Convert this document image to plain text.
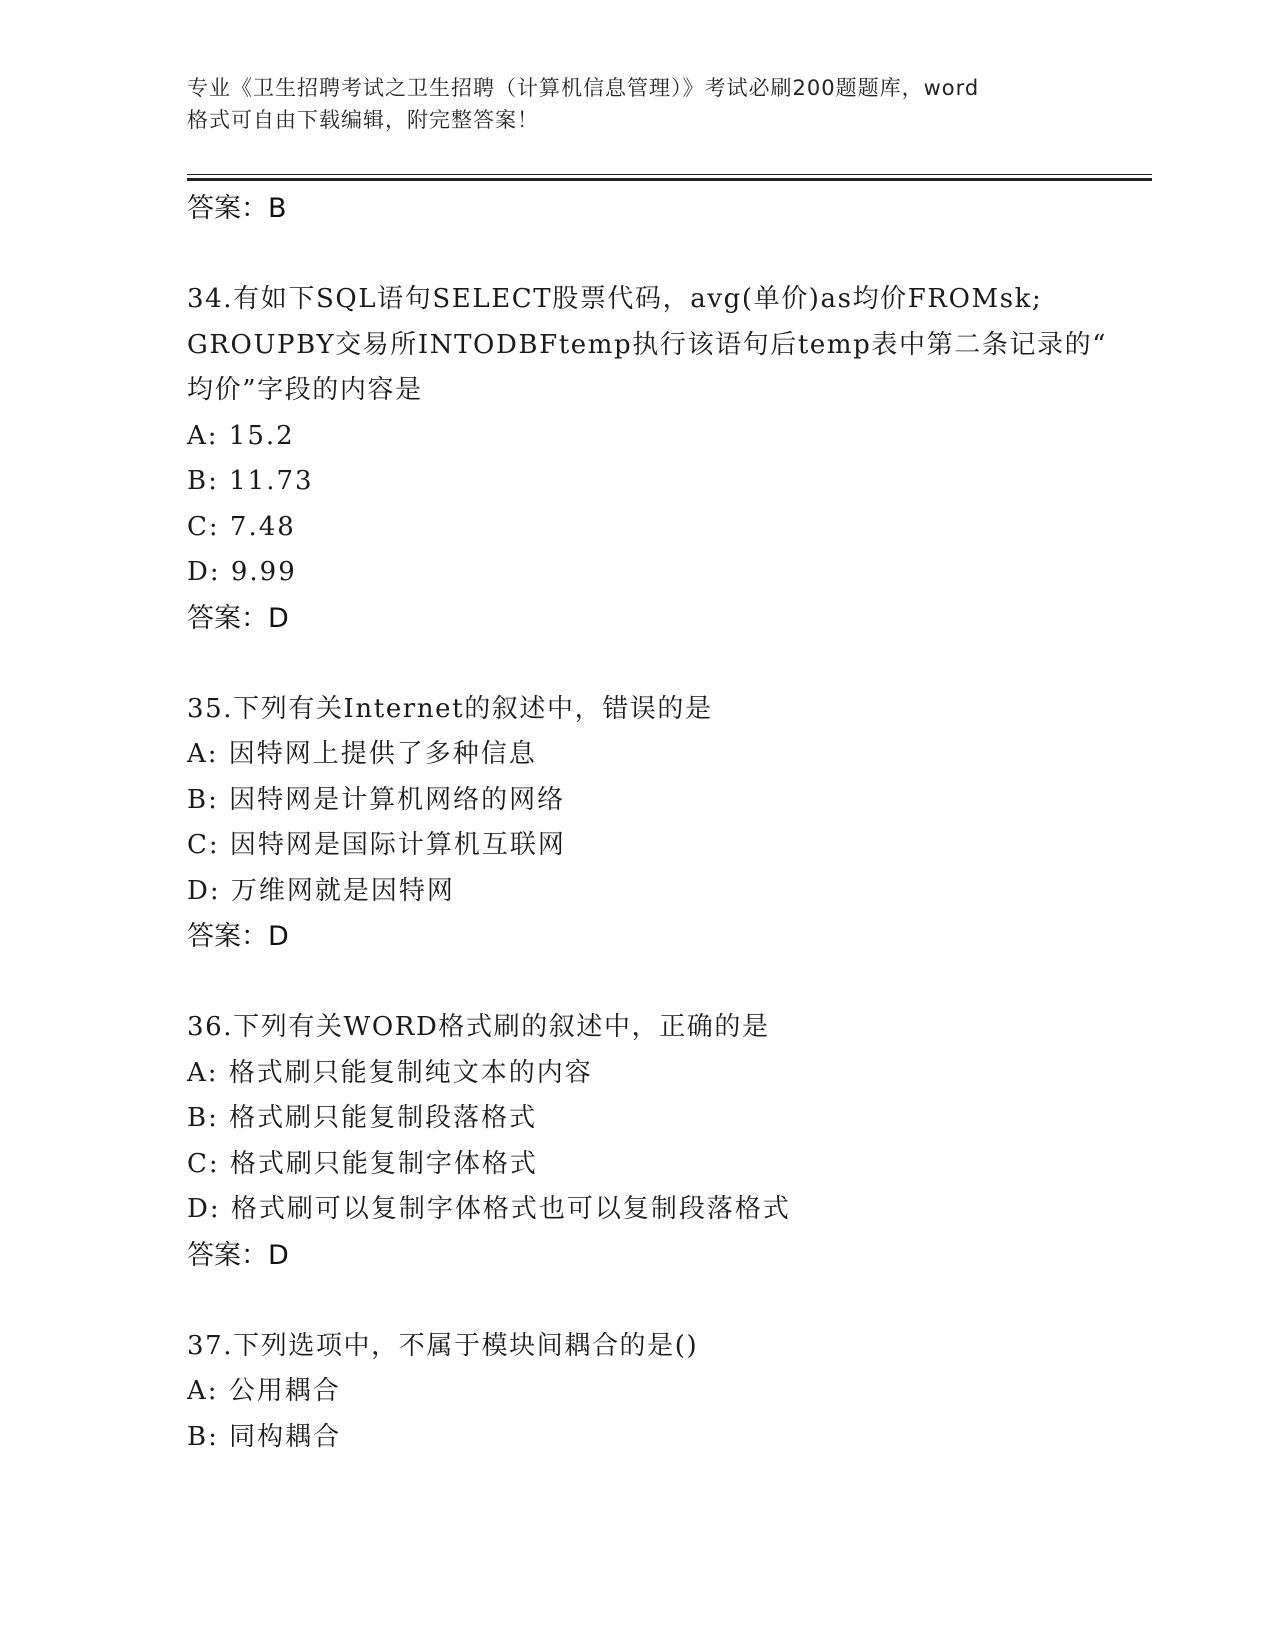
专业《卫生招聘考试之卫生招聘（计算机信息管理）》考试必刷200题题库，word
格式可自由下载编辑，附完整答案！
答案：B
34.有如下SQL语句SELECT股票代码，avg(单价)as均价FROMsk;
GROUPBY交易所INTODBFtemp执行该语句后temp表中第二条记录的“
均价”字段的内容是
A: 15.2
B: 11.73
C: 7.48
D: 9.99
答案：D
35.下列有关Internet的叙述中，错误的是
A: 因特网上提供了多种信息
B: 因特网是计算机网络的网络
C: 因特网是国际计算机互联网
D: 万维网就是因特网
答案：D
36.下列有关WORD格式刷的叙述中，正确的是
A: 格式刷只能复制纯文本的内容
B: 格式刷只能复制段落格式
C: 格式刷只能复制字体格式
D: 格式刷可以复制字体格式也可以复制段落格式
答案：D
37.下列选项中，不属于模块间耦合的是()
A: 公用耦合
B: 同构耦合
